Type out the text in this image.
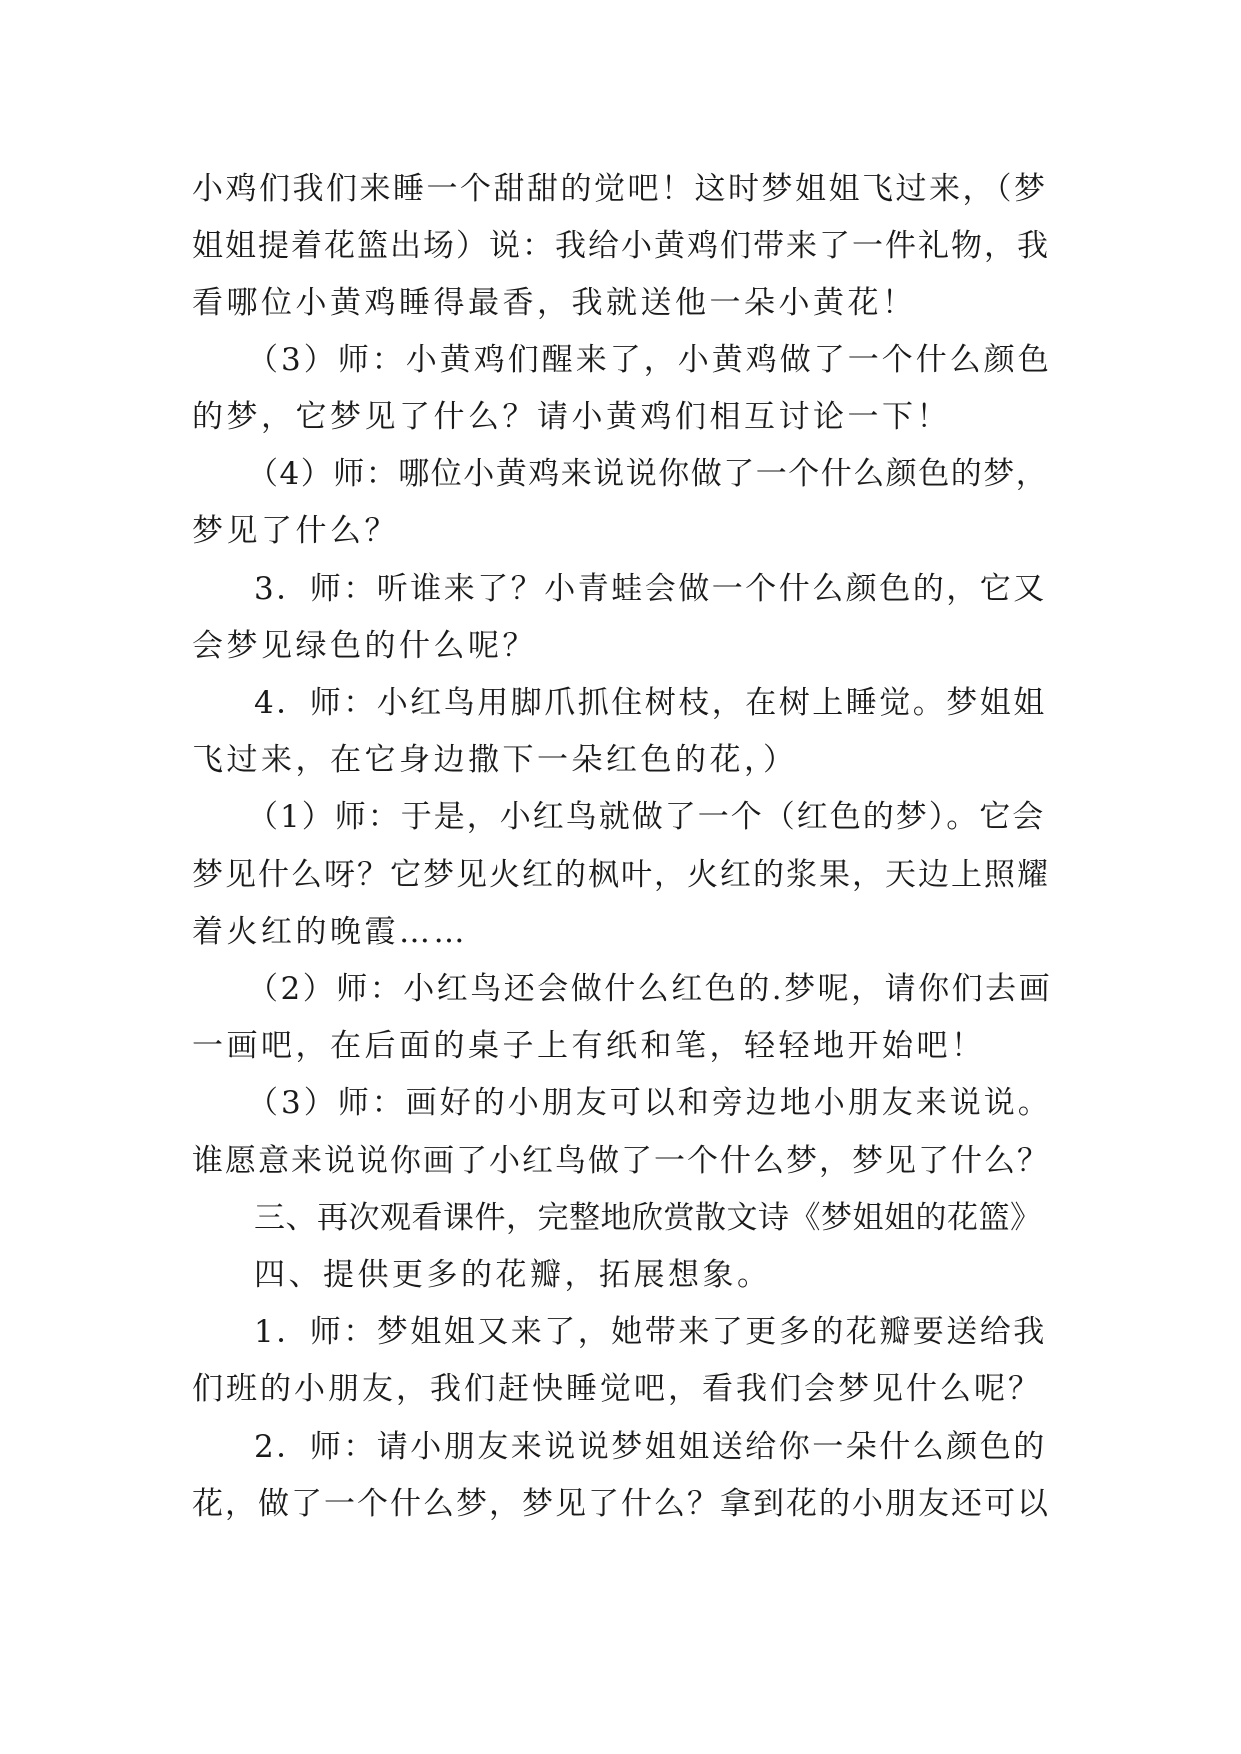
小鸡们我们来睡一个甜甜的觉吧！这时梦姐姐飞过来，（梦
姐姐提着花篮出场）说：我给小黄鸡们带来了一件礼物，我
看哪位小黄鸡睡得最香，我就送他一朵小黄花！
（3）师：小黄鸡们醒来了，小黄鸡做了一个什么颜色
的梦，它梦见了什么？请小黄鸡们相互讨论一下！
（4）师：哪位小黄鸡来说说你做了一个什么颜色的梦，
梦见了什么？
3．师：听谁来了？小青蛙会做一个什么颜色的，它又
会梦见绿色的什么呢？
4．师：小红鸟用脚爪抓住树枝，在树上睡觉。梦姐姐
飞过来，在它身边撒下一朵红色的花，）
（1）师：于是，小红鸟就做了一个（红色的梦）。它会
梦见什么呀？它梦见火红的枫叶，火红的浆果，天边上照耀
着火红的晚霞……
（2）师：小红鸟还会做什么红色的.梦呢，请你们去画
一画吧，在后面的桌子上有纸和笔，轻轻地开始吧！
（3）师：画好的小朋友可以和旁边地小朋友来说说。
谁愿意来说说你画了小红鸟做了一个什么梦，梦见了什么？
三、再次观看课件，完整地欣赏散文诗《梦姐姐的花篮》
四、提供更多的花瓣，拓展想象。
1．师：梦姐姐又来了，她带来了更多的花瓣要送给我
们班的小朋友，我们赶快睡觉吧，看我们会梦见什么呢？
2．师：请小朋友来说说梦姐姐送给你一朵什么颜色的
花，做了一个什么梦，梦见了什么？拿到花的小朋友还可以
